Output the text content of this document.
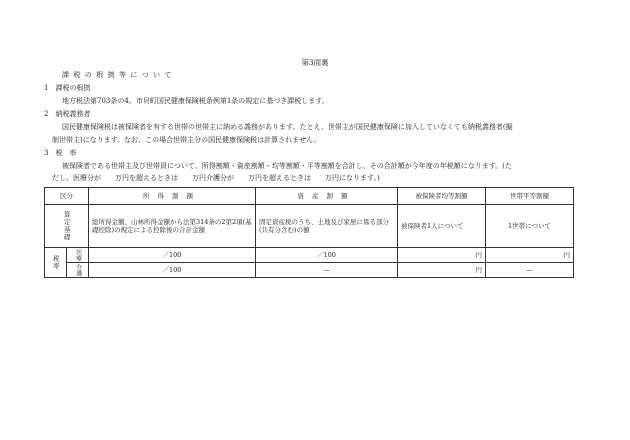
第3面裏
課税の根拠等について
1　課税の根拠
地方税法第703条の4、市貝町国民健康保険税条例第1条の規定に基づき課税します。
2　納税義務者
国民健康保険税は被保険者を有する世帯の世帯主に納める義務があります。たとえ、世帯主が国民健康保険に加入していなくても納税義務者(擬
制世帯主)になります。なお、この場合世帯主分の国民健康保険税は計算されません。
3　税　率
被保険者である世帯主及び世帯員について、所得割額・資産割額・均等割額・平等割額を合計し、その合計額が今年度の年税額になります。(た
だし、医療分が　　万円を超えるときは　　万円介護分が　　万円を超えるときは　　万円になります。)
区分		所得割額	資産割額	被保険者均等割額	世帯平等割額
算定基礎		総所得金額、山林所得金額から法第314条の2第2項(基礎控除)の規定による控除後の合計金額	固定資産税のうち、土地及び家屋に係る部分(共有分含む)の額	被保険者1人について	1世帯について
税率	医療	／100	／100	円	円
	介護	／100	―	円	―
